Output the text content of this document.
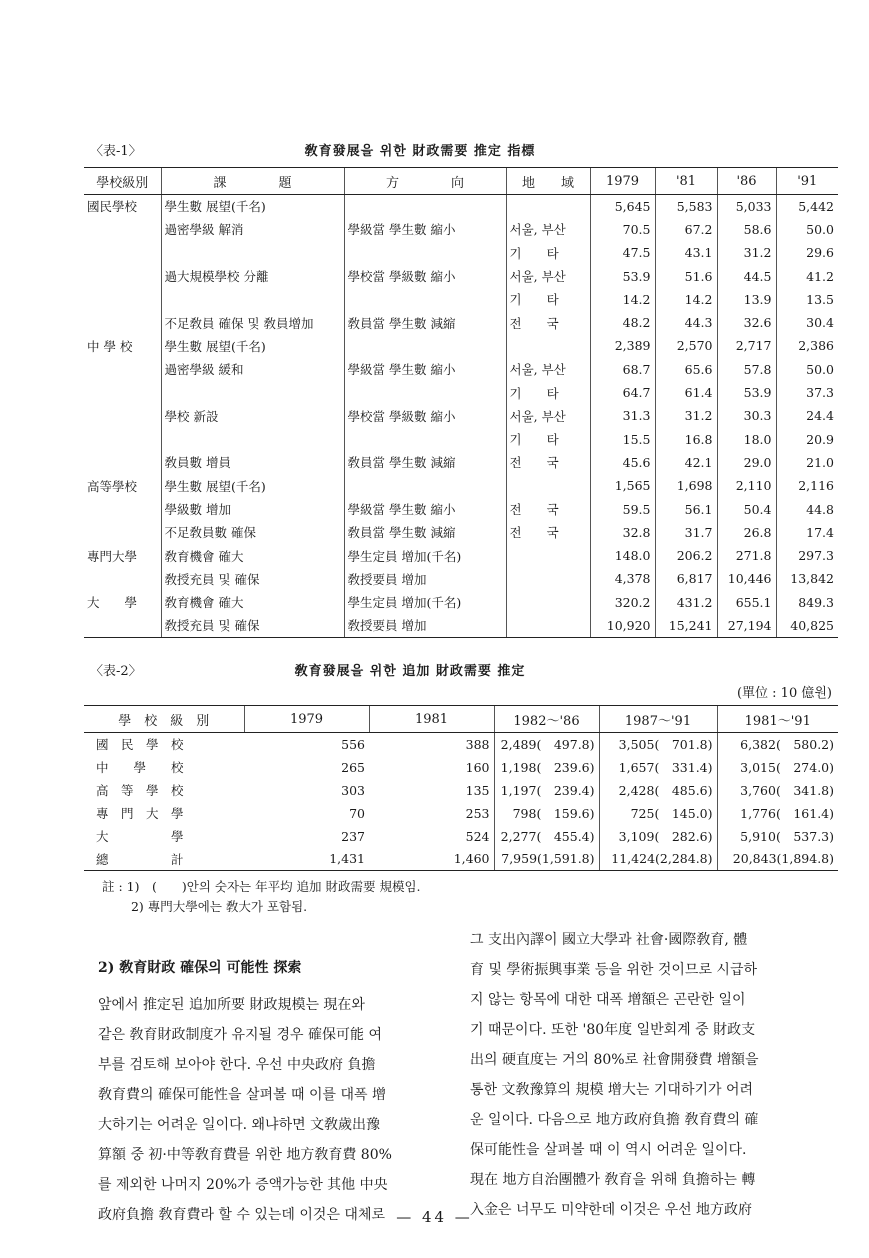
〈表-1〉	敎育發展을 위한 財政需要 推定 指標
學校級別	課　　　　題	方　　　　向	地　　域	1979	'81	'86	'91
國民學校	學生數 展望(千名)			5,645	5,583	5,033	5,442
	過密學級 解消	學級當 學生數 縮小	서울, 부산	70.5	67.2	58.6	50.0
			기　　타	47.5	43.1	31.2	29.6
	過大規模學校 分離	學校當 學級數 縮小	서울, 부산	53.9	51.6	44.5	41.2
			기　　타	14.2	14.2	13.9	13.5
	不足敎員 確保 및 敎員增加	敎員當 學生數 減縮	전　　국	48.2	44.3	32.6	30.4
中 學 校	學生數 展望(千名)			2,389	2,570	2,717	2,386
	過密學級 緩和	學級當 學生數 縮小	서울, 부산	68.7	65.6	57.8	50.0
			기　　타	64.7	61.4	53.9	37.3
	學校 新設	學校當 學級數 縮小	서울, 부산	31.3	31.2	30.3	24.4
			기　　타	15.5	16.8	18.0	20.9
	敎員數 增員	敎員當 學生數 減縮	전　　국	45.6	42.1	29.0	21.0
高等學校	學生數 展望(千名)			1,565	1,698	2,110	2,116
	學級數 增加	學級當 學生數 縮小	전　　국	59.5	56.1	50.4	44.8
	不足敎員數 確保	敎員當 學生數 減縮	전　　국	32.8	31.7	26.8	17.4
專門大學	敎育機會 確大	學生定員 增加(千名)		148.0	206.2	271.8	297.3
	敎授充員 및 確保	敎授要員 增加		4,378	6,817	10,446	13,842
大　　學	敎育機會 確大	學生定員 增加(千名)		320.2	431.2	655.1	849.3
	敎授充員 및 確保	敎授要員 增加		10,920	15,241	27,194	40,825
〈表-2〉	敎育發展을 위한 追加 財政需要 推定
(單位 : 10 億원)
學　校　級　別	1979	1981	1982～'86	1987～'91	1981～'91
國　民　學　校	556	388	2,489(　497.8)	3,505(　701.8)	6,382(　580.2)
中　　學　　校	265	160	1,198(　239.6)	1,657(　331.4)	3,015(　274.0)
高　等　學　校	303	135	1,197(　239.4)	2,428(　485.6)	3,760(　341.8)
專　門　大　學	70	253	798(　159.6)	725(　145.0)	1,776(　161.4)
大　　　　　學	237	524	2,277(　455.4)	3,109(　282.6)	5,910(　537.3)
總　　　　　計	1,431	1,460	7,959(1,591.8)	11,424(2,284.8)	20,843(1,894.8)
註 : 1)　(　　)안의 숫자는 年平均 追加 財政需要 規模임.
　　 2) 專門大學에는 敎大가 포함됨.
2) 敎育財政 確保의 可能性 探索
앞에서 推定된 追加所要 財政規模는 現在와
같은 敎育財政制度가 유지될 경우 確保可能 여
부를 검토해 보아야 한다. 우선 中央政府 負擔
敎育費의 確保可能性을 살펴볼 때 이를 대폭 增
大하기는 어려운 일이다. 왜냐하면 文敎歲出豫
算額 중 初·中等敎育費를 위한 地方敎育費 80%
를 제외한 나머지 20%가 증액가능한 其他 中央
政府負擔 敎育費라 할 수 있는데 이것은 대체로
그 支出內譯이 國立大學과 社會·國際敎育, 體
育 및 學術振興事業 등을 위한 것이므로 시급하
지 않는 항목에 대한 대폭 增額은 곤란한 일이
기 때문이다. 또한 '80年度 일반회계 중 財政支
出의 硬直度는 거의 80%로 社會開發費 增額을
통한 文敎豫算의 規模 增大는 기대하기가 어려
운 일이다. 다음으로 地方政府負擔 敎育費의 確
保可能性을 살펴볼 때 이 역시 어려운 일이다.
現在 地方自治團體가 敎育을 위해 負擔하는 轉
入金은 너무도 미약한데 이것은 우선 地方政府
— 44 —
